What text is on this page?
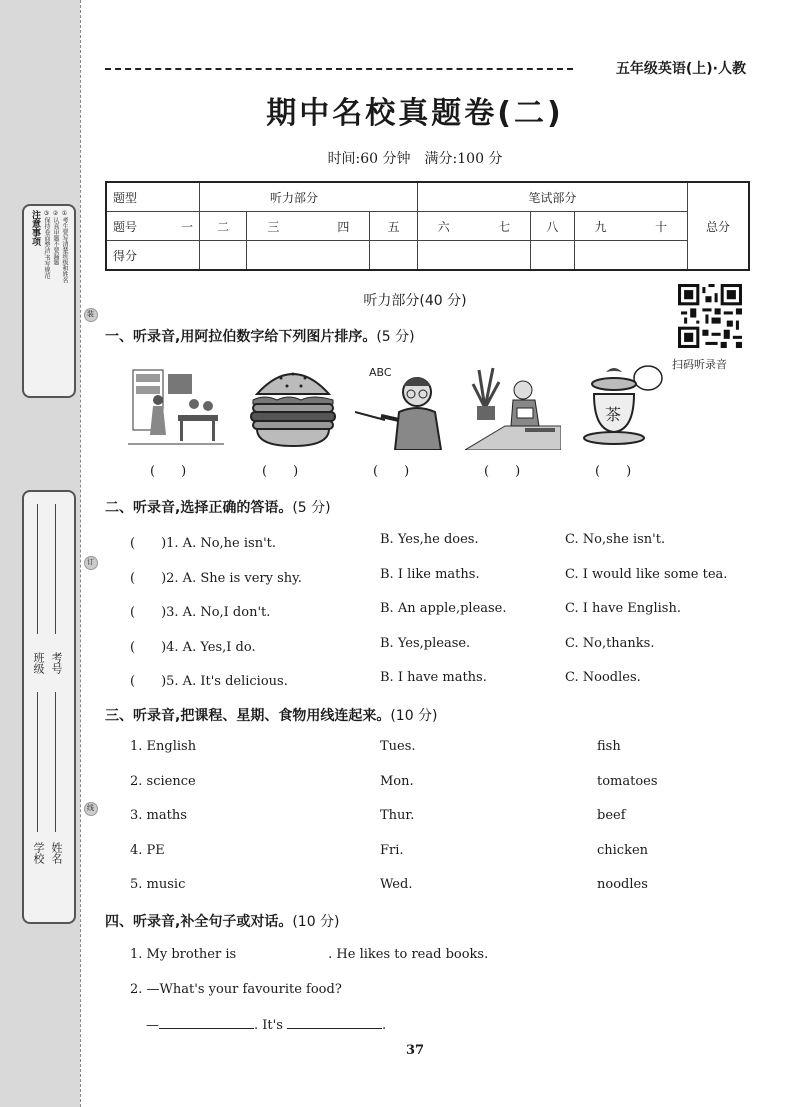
注意事项	①考生要写清楚班级和姓名
②认真审题不要漏题
③保持卷面整洁,书写规范
学校 姓名
班级 考号
装
订
线
五年级英语(上)·人教
期中名校真题卷(二)
时间:60 分钟　满分:100 分
题型	听力部分			笔试部分			总分
题号 一	二	三 四	五	六 七	八	九 十	

得分							
听力部分(40 分)
扫码听录音
一、听录音,用阿拉伯数字给下列图片排序。(5 分)
ABC
茶
(　　)	(　　)	(　　)	(　　)	(　　)
二、听录音,选择正确的答语。(5 分)
(　　)1. A. No,he isn't.	B. Yes,he does.	C. No,she isn't.
(　　)2. A. She is very shy.	B. I like maths.	C. I would like some tea.
(　　)3. A. No,I don't.	B. An apple,please.	C. I have English.
(　　)4. A. Yes,I do.	B. Yes,please.	C. No,thanks.
(　　)5. A. It's delicious.	B. I have maths.	C. Noodles.
三、听录音,把课程、星期、食物用线连起来。(10 分)
1. English	Tues.	fish
2. science	Mon.	tomatoes
3. maths	Thur.	beef
4. PE	Fri.	chicken
5. music	Wed.	noodles
四、听录音,补全句子或对话。(10 分)
1. My brother is	. He likes to read books.
2. —What's your favourite food?
—	. It's	.
37
